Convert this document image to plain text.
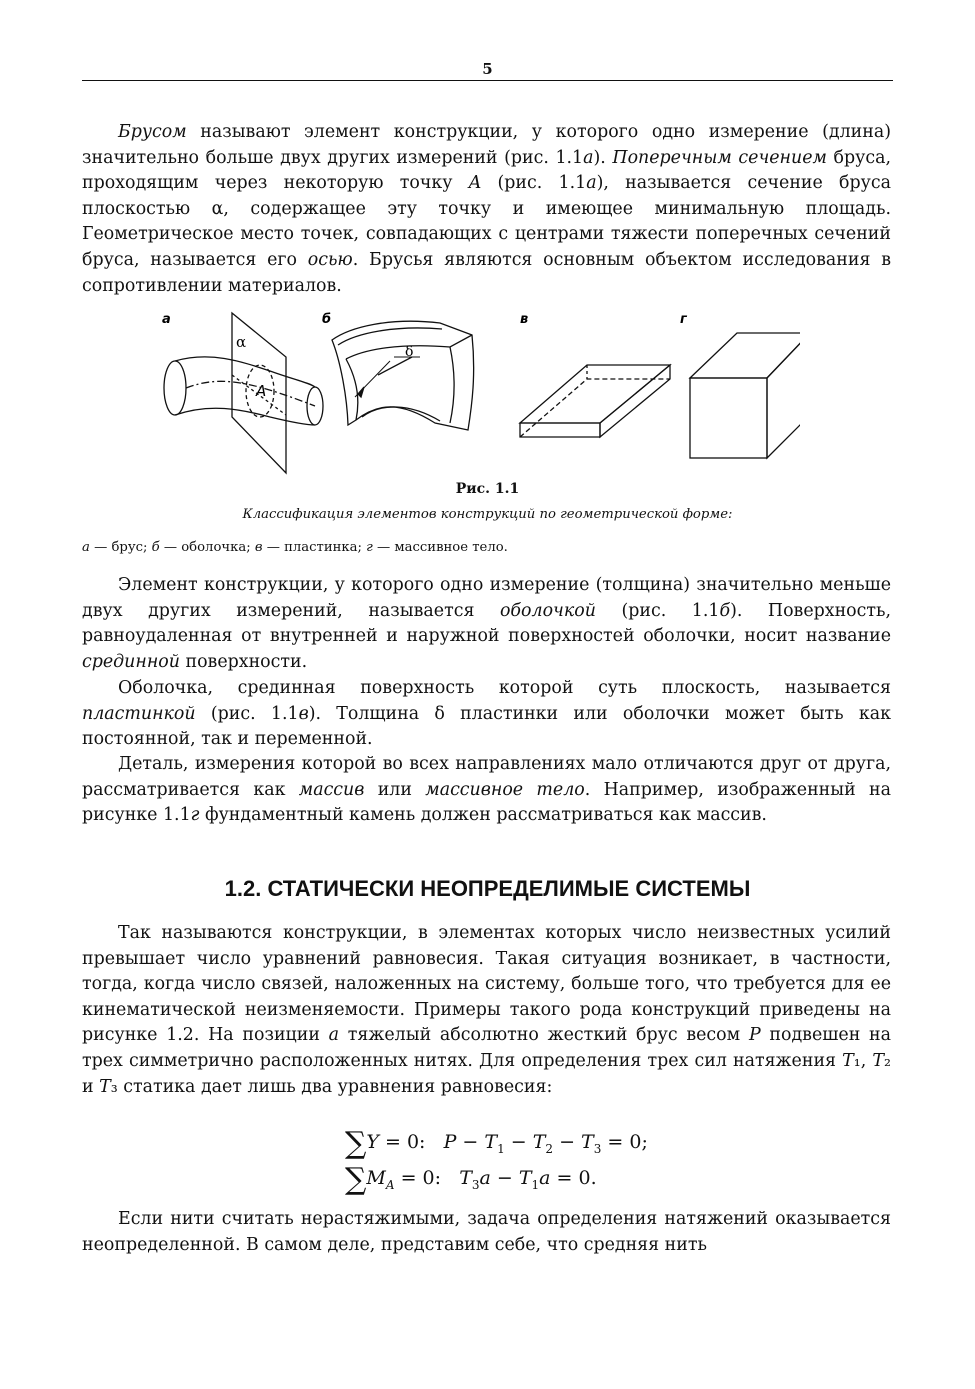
5

Брусом называют элемент конструкции, у которого одно измерение (длина) значительно больше двух других измерений (рис. 1.1а). Поперечным сечением бруса, проходящим через некоторую точку A (рис. 1.1а), называется сечение бруса плоскостью α, содержащее эту точку и имеющее минимальную площадь. Геометрическое место точек, совпадающих с центрами тяжести поперечных сечений бруса, называется его осью. Брусья являются основным объектом исследования в сопротивлении материалов.

а	б	в	г
α
δ
A
Рис. 1.1
Классификация элементов конструкций по геометрической форме:
а — брус; б — оболочка; в — пластинка; г — массивное тело.

Элемент конструкции, у которого одно измерение (толщина) значительно меньше двух других измерений, называется оболочкой (рис. 1.1б). Поверхность, равноудаленная от внутренней и наружной поверхностей оболочки, носит название срединной поверхности.

Оболочка, срединная поверхность которой суть плоскость, называется пластинкой (рис. 1.1в). Толщина δ пластинки или оболочки может быть как постоянной, так и переменной.

Деталь, измерения которой во всех направлениях мало отличаются друг от друга, рассматривается как массив или массивное тело. Например, изображенный на рисунке 1.1г фундаментный камень должен рассматриваться как массив.

1.2. СТАТИЧЕСКИ НЕОПРЕДЕЛИМЫЕ СИСТЕМЫ

Так называются конструкции, в элементах которых число неизвестных усилий превышает число уравнений равновесия. Такая ситуация возникает, в частности, тогда, когда число связей, наложенных на систему, больше того, что требуется для ее кинематической неизменяемости. Примеры такого рода конструкций приведены на рисунке 1.2. На позиции а тяжелый абсолютно жесткий брус весом P подвешен на трех симметрично расположенных нитях. Для определения трех сил натяжения T₁, T₂ и T₃ статика дает лишь два уравнения равновесия:

∑Y = 0: $P - T_1 - T_2 - T_3 = 0$;
$\sum M_A = 0$: $T_3a - T_1a = 0$.

Если нити считать нерастяжимыми, задача определения натяжений оказывается неопределенной. В самом деле, представим себе, что средняя нить
